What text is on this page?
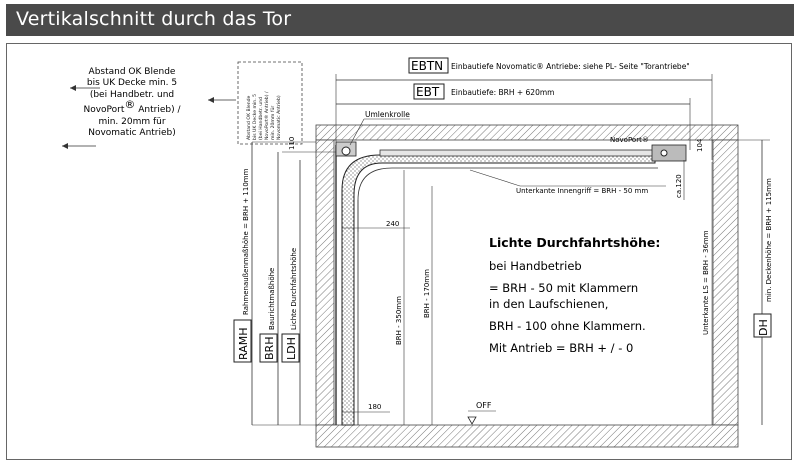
Vertikalschnitt durch das Tor
EBTN Einbautiefe Novomatic® Antriebe: siehe PL- Seite "Torantriebe"
EBT Einbautiefe: BRH + 620mm
Umlenkrolle
NovoPort®
Unterkante Innengriff = BRH - 50 mm	ca.120
104
240
180
BRH - 350mm
BRH - 170mm
OFF
Unterkante LS = BRH - 36mm	min. Deckenhöhe = BRH + 115mm
DH
110
RAMH
Rahmenaußenmaßhöhe = BRH + 110mm
BRH
Baurichtmaßhöhe
LDH
Lichte Durchfahrtshöhe
Abstand OK Blende bis UK Decke min. 5 (bei Handbetr. und NovoPort® Antrieb) / min. 20mm für Novomatic Antrieb)
Abstand OK Blende
bis UK Decke min. 5
(bei Handbetr. und
NovoPort® Antrieb) /
min. 20mm für
Novomatic Antrieb)
Lichte Durchfahrtshöhe:
bei Handbetrieb
= BRH - 50 mit Klammern
in den Laufschienen,
BRH - 100 ohne Klammern.
Mit Antrieb = BRH + / - 0
